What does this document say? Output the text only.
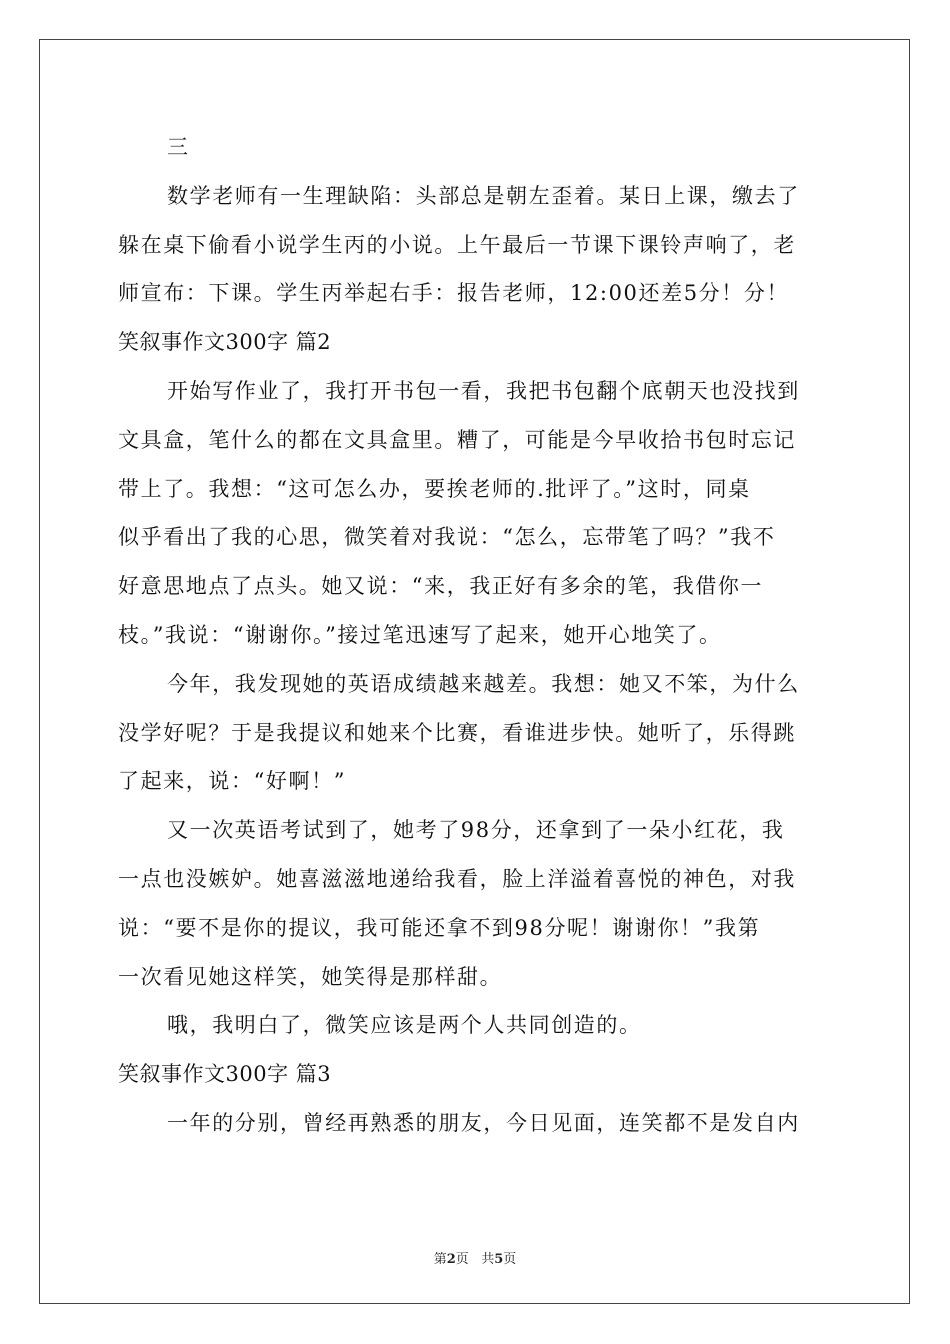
三
数学老师有一生理缺陷：头部总是朝左歪着。某日上课，缴去了
躲在桌下偷看小说学生丙的小说。上午最后一节课下课铃声响了，老
师宣布：下课。学生丙举起右手：报告老师，12:00还差5分！分！
笑叙事作文300字 篇2
开始写作业了，我打开书包一看，我把书包翻个底朝天也没找到
文具盒，笔什么的都在文具盒里。糟了，可能是今早收拾书包时忘记
带上了。我想：“这可怎么办，要挨老师的.批评了。”这时，同桌
似乎看出了我的心思，微笑着对我说：“怎么，忘带笔了吗？”我不
好意思地点了点头。她又说：“来，我正好有多余的笔，我借你一
枝。”我说：“谢谢你。”接过笔迅速写了起来，她开心地笑了。
今年，我发现她的英语成绩越来越差。我想：她又不笨，为什么
没学好呢？于是我提议和她来个比赛，看谁进步快。她听了，乐得跳
了起来，说：“好啊！”
又一次英语考试到了，她考了98分，还拿到了一朵小红花，我
一点也没嫉妒。她喜滋滋地递给我看，脸上洋溢着喜悦的神色，对我
说：“要不是你的提议，我可能还拿不到98分呢！谢谢你！”我第
一次看见她这样笑，她笑得是那样甜。
哦，我明白了，微笑应该是两个人共同创造的。
笑叙事作文300字 篇3
一年的分别，曾经再熟悉的朋友，今日见面，连笑都不是发自内
第2页 共5页
